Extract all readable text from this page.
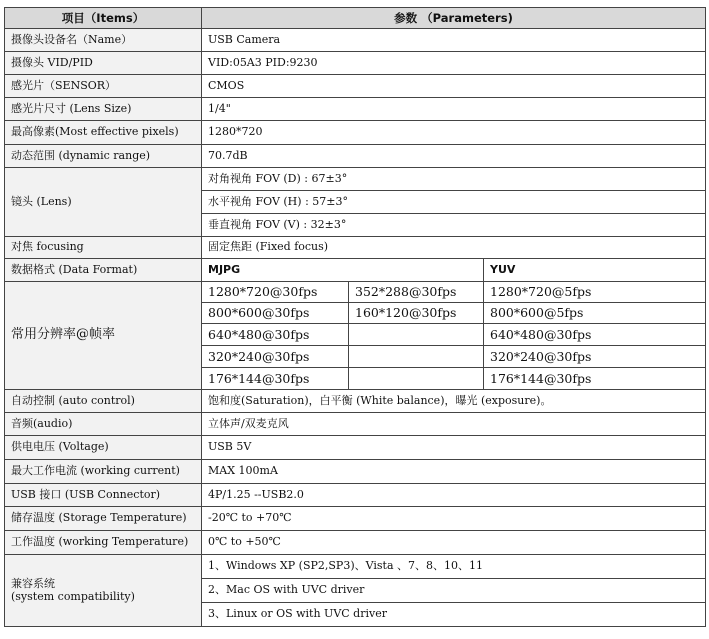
项目（Items）	参数 （Parameters)		
摄像头设备名（Name）	USB Camera		
摄像头 VID/PID	VID:05A3 PID:9230		
感光片（SENSOR）	CMOS		
感光片尺寸 (Lens Size)	1/4"		
最高像素(Most effective pixels)	1280*720		
动态范围 (dynamic range)	70.7dB		
镜头 (Lens)	对角视角 FOV (D) : 67±3°		
	水平视角 FOV (H) : 57±3°		
	垂直视角 FOV (V) : 32±3°		
对焦 focusing	固定焦距 (Fixed focus)		
数据格式 (Data Format)	MJPG		YUV
常用分辨率@帧率	1280*720@30fps	352*288@30fps	1280*720@5fps
	800*600@30fps	160*120@30fps	800*600@5fps
	640*480@30fps		640*480@30fps
	320*240@30fps		320*240@30fps
	176*144@30fps		176*144@30fps
自动控制 (auto control)	饱和度(Saturation)，白平衡 (White balance)，曝光 (exposure)。		
音频(audio)	立体声/双麦克风		
供电电压 (Voltage)	USB 5V		
最大工作电流 (working current)	MAX 100mA		
USB 接口 (USB Connector)	4P/1.25 --USB2.0		
储存温度 (Storage Temperature)	-20℃ to +70℃		
工作温度 (working Temperature)	0℃ to +50℃		

兼容系统
(system compatibility)	1、Windows XP (SP2,SP3)、Vista 、7、8、10、11		
	2、Mac OS with UVC driver		
	3、Linux or OS with UVC driver		
